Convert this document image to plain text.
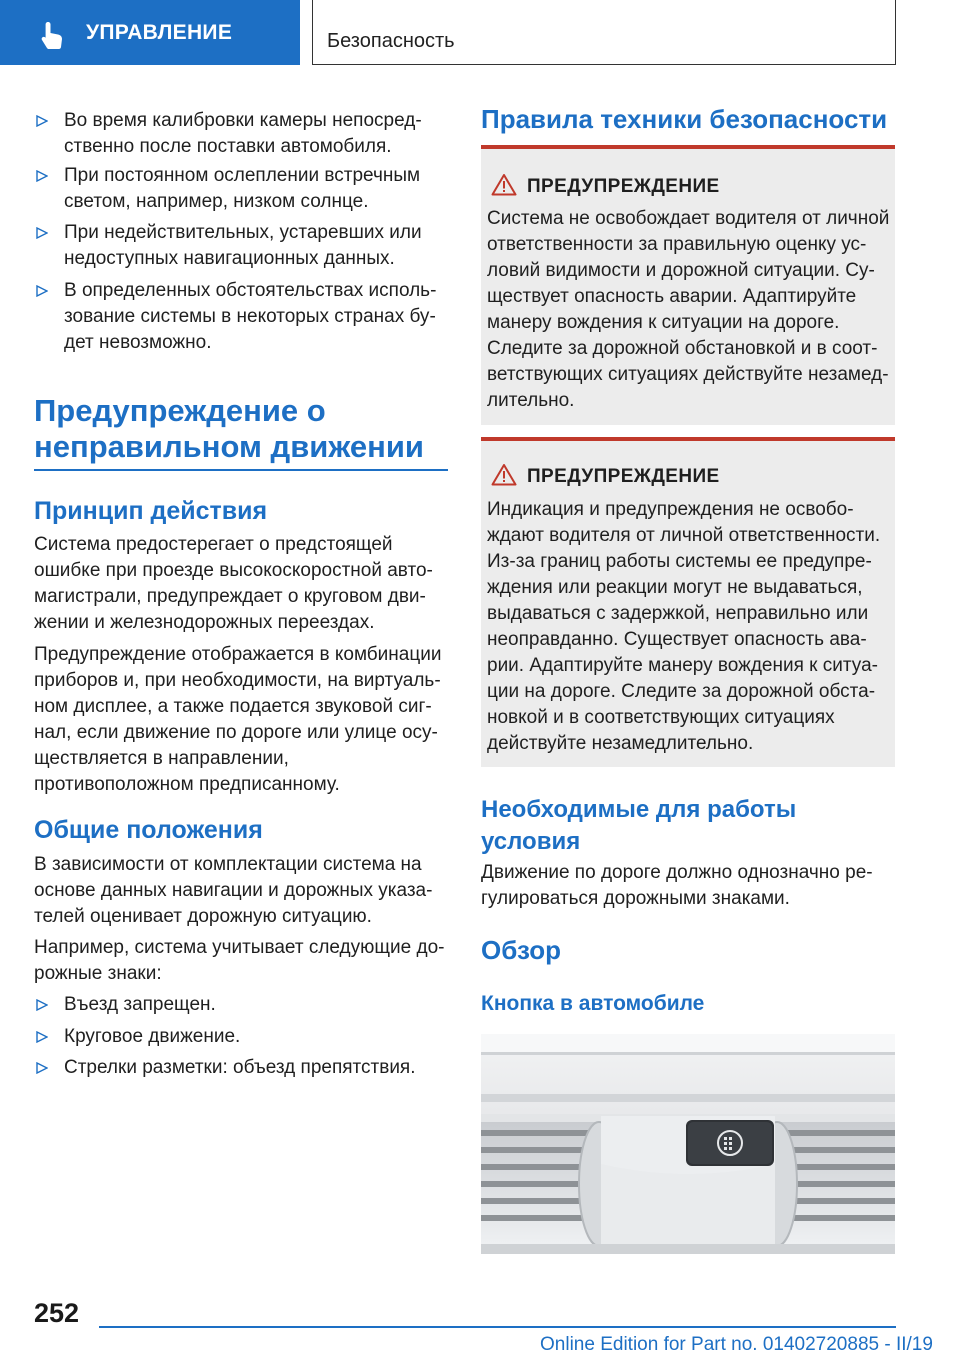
УПРАВЛЕНИЕ	Безопасность
Во время калибровки камеры непосредственно после поставки автомобиля.
При постоянном ослеплении встречным светом, например, низком солнце.
При недействительных, устаревших или недоступных навигационных данных.
В определенных обстоятельствах использование системы в некоторых странах будет невозможно.
Предупреждение о
неправильном движении
Принцип действия
Система предостерегает о предстоящей ошибке при проезде высокоскоростной автомагистрали, предупреждает о круговом движении и железнодорожных переездах.
Предупреждение отображается в комбинации приборов и, при необходимости, на виртуальном дисплее, а также подается звуковой сигнал, если движение по дороге или улице осуществляется в направлении, противоположном предписанному.
Общие положения
В зависимости от комплектации система на основе данных навигации и дорожных указателей оценивает дорожную ситуацию.
Например, система учитывает следующие дорожные знаки:
Въезд запрещен.
Круговое движение.
Стрелки разметки: объезд препятствия.
Правила техники безопасности
ПРЕДУПРЕЖДЕНИЕ
Система не освобождает водителя от личной ответственности за правильную оценку условий видимости и дорожной ситуации. Существует опасность аварии. Адаптируйте манеру вождения к ситуации на дороге. Следите за дорожной обстановкой и в соответствующих ситуациях действуйте незамедлительно.
ПРЕДУПРЕЖДЕНИЕ
Индикация и предупреждения не освобождают водителя от личной ответственности. Из-за границ работы системы ее предупреждения или реакции могут не выдаваться, выдаваться с задержкой, неправильно или неоправданно. Существует опасность аварии. Адаптируйте манеру вождения к ситуации на дороге. Следите за дорожной обстановкой и в соответствующих ситуациях действуйте незамедлительно.
Необходимые для работы
условия
Движение по дороге должно однозначно регулироваться дорожными знаками.
Обзор
Кнопка в автомобиле
252
Online Edition for Part no. 01402720885 - II/19
